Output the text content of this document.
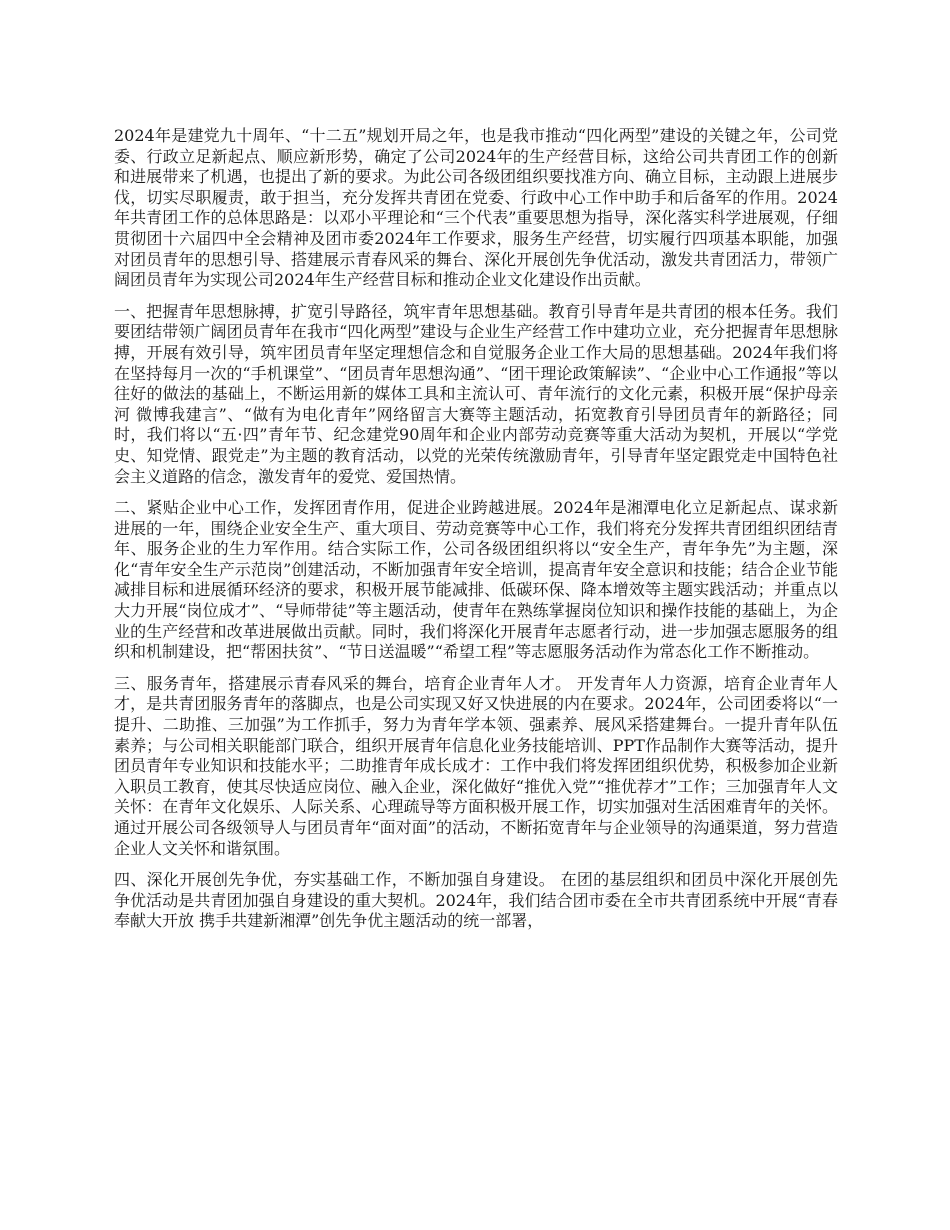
2024年是建党九十周年、“十二五”规划开局之年，也是我市推动“四化两型”建设的关键之年，公司党委、行政立足新起点、顺应新形势，确定了公司2024年的生产经营目标，这给公司共青团工作的创新和进展带来了机遇，也提出了新的要求。为此公司各级团组织要找准方向、确立目标，主动跟上进展步伐，切实尽职履责，敢于担当，充分发挥共青团在党委、行政中心工作中助手和后备军的作用。2024年共青团工作的总体思路是：以邓小平理论和“三个代表”重要思想为指导，深化落实科学进展观，仔细贯彻团十六届四中全会精神及团市委2024年工作要求，服务生产经营，切实履行四项基本职能，加强对团员青年的思想引导、搭建展示青春风采的舞台、深化开展创先争优活动，激发共青团活力，带领广阔团员青年为实现公司2024年生产经营目标和推动企业文化建设作出贡献。

一、把握青年思想脉搏，扩宽引导路径，筑牢青年思想基础。教育引导青年是共青团的根本任务。我们要团结带领广阔团员青年在我市“四化两型”建设与企业生产经营工作中建功立业，充分把握青年思想脉搏，开展有效引导，筑牢团员青年坚定理想信念和自觉服务企业工作大局的思想基础。2024年我们将在坚持每月一次的“手机课堂”、“团员青年思想沟通”、“团干理论政策解读”、“企业中心工作通报”等以往好的做法的基础上，不断运用新的媒体工具和主流认可、青年流行的文化元素，积极开展“保护母亲河 微博我建言”、“做有为电化青年”网络留言大赛等主题活动，拓宽教育引导团员青年的新路径；同时，我们将以“五·四”青年节、纪念建党90周年和企业内部劳动竞赛等重大活动为契机，开展以“学党史、知党情、跟党走”为主题的教育活动，以党的光荣传统激励青年，引导青年坚定跟党走中国特色社会主义道路的信念，激发青年的爱党、爱国热情。

二、紧贴企业中心工作，发挥团青作用，促进企业跨越进展。2024年是湘潭电化立足新起点、谋求新进展的一年，围绕企业安全生产、重大项目、劳动竞赛等中心工作，我们将充分发挥共青团组织团结青年、服务企业的生力军作用。结合实际工作，公司各级团组织将以“安全生产，青年争先”为主题，深化“青年安全生产示范岗”创建活动，不断加强青年安全培训，提高青年安全意识和技能；结合企业节能减排目标和进展循环经济的要求，积极开展节能减排、低碳环保、降本增效等主题实践活动；并重点以大力开展“岗位成才”、“导师带徒”等主题活动，使青年在熟练掌握岗位知识和操作技能的基础上，为企业的生产经营和改革进展做出贡献。同时，我们将深化开展青年志愿者行动，进一步加强志愿服务的组织和机制建设，把“帮困扶贫”、“节日送温暖”“希望工程”等志愿服务活动作为常态化工作不断推动。

三、服务青年，搭建展示青春风采的舞台，培育企业青年人才。 开发青年人力资源，培育企业青年人才，是共青团服务青年的落脚点，也是公司实现又好又快进展的内在要求。2024年，公司团委将以“一提升、二助推、三加强”为工作抓手，努力为青年学本领、强素养、展风采搭建舞台。一提升青年队伍素养；与公司相关职能部门联合，组织开展青年信息化业务技能培训、PPT作品制作大赛等活动，提升团员青年专业知识和技能水平；二助推青年成长成才：工作中我们将发挥团组织优势，积极参加企业新入职员工教育，使其尽快适应岗位、融入企业，深化做好“推优入党”“推优荐才”工作；三加强青年人文关怀：在青年文化娱乐、人际关系、心理疏导等方面积极开展工作，切实加强对生活困难青年的关怀。通过开展公司各级领导人与团员青年“面对面”的活动，不断拓宽青年与企业领导的沟通渠道，努力营造企业人文关怀和谐氛围。

四、深化开展创先争优，夯实基础工作，不断加强自身建设。 在团的基层组织和团员中深化开展创先争优活动是共青团加强自身建设的重大契机。2024年，我们结合团市委在全市共青团系统中开展“青春奉献大开放 携手共建新湘潭”创先争优主题活动的统一部署，
